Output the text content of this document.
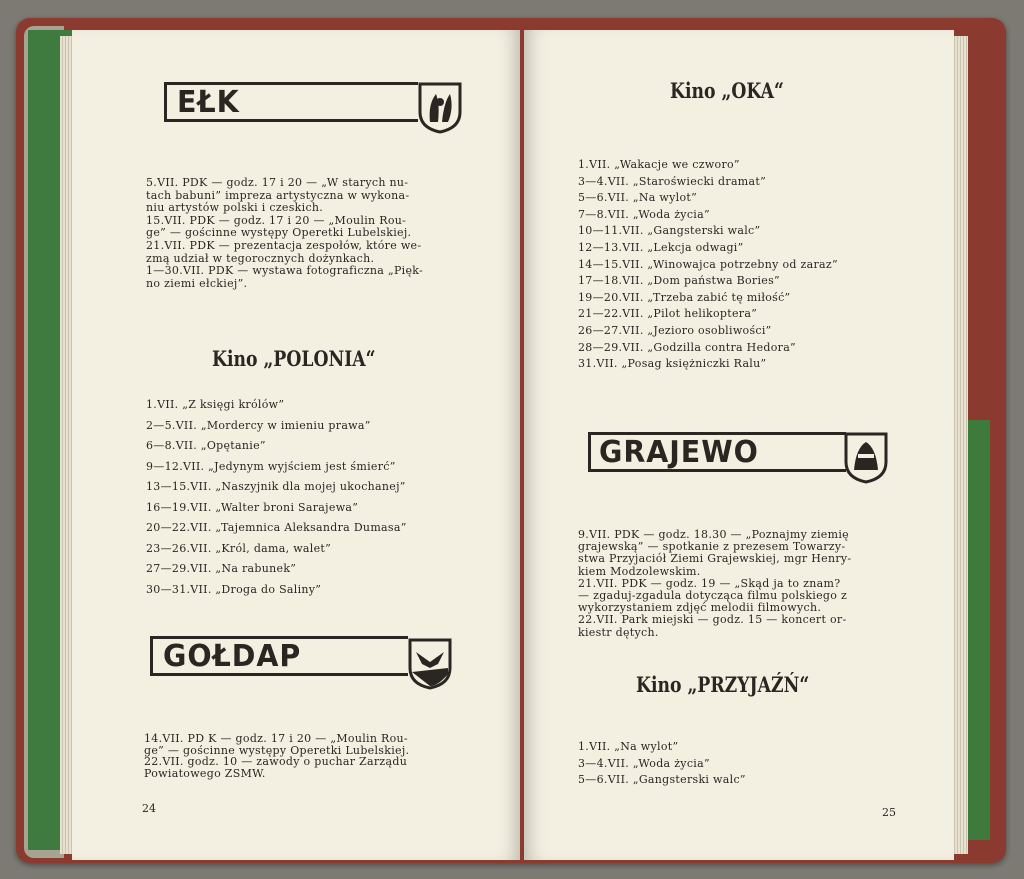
EŁK
5.VII. PDK — godz. 17 i 20 — „W starych nu-
tach babuni” impreza artystyczna w wykona-
niu artystów polski i czeskich.
15.VII. PDK — godz. 17 i 20 — „Moulin Rou-
ge” — gościnne występy Operetki Lubelskiej.
21.VII. PDK — prezentacja zespołów, które we-
zmą udział w tegorocznych dożynkach.
1—30.VII. PDK — wystawa fotograficzna „Pięk-
no ziemi ełckiej”.
Kino „POLONIA“
1.VII. „Z księgi królów”
2—5.VII. „Mordercy w imieniu prawa”
6—8.VII. „Opętanie”
9—12.VII. „Jedynym wyjściem jest śmierć”
13—15.VII. „Naszyjnik dla mojej ukochanej”
16—19.VII. „Walter broni Sarajewa”
20—22.VII. „Tajemnica Aleksandra Dumasa”
23—26.VII. „Król, dama, walet”
27—29.VII. „Na rabunek”
30—31.VII. „Droga do Saliny”
GOŁDAP
14.VII. PD K — godz. 17 i 20 — „Moulin Rou-
ge” — gościnne występy Operetki Lubelskiej.
22.VII. godz. 10 — zawody o puchar Zarządu
Powiatowego ZSMW.
24
Kino „OKA“
1.VII. „Wakacje we czworo”
3—4.VII. „Staroświecki dramat”
5—6.VII. „Na wylot”
7—8.VII. „Woda życia”
10—11.VII. „Gangsterski walc”
12—13.VII. „Lekcja odwagi”
14—15.VII. „Winowajca potrzebny od zaraz”
17—18.VII. „Dom państwa Bories”
19—20.VII. „Trzeba zabić tę miłość”
21—22.VII. „Pilot helikoptera”
26—27.VII. „Jezioro osobliwości”
28—29.VII. „Godzilla contra Hedora”
31.VII. „Posag księżniczki Ralu”
GRAJEWO
9.VII. PDK — godz. 18.30 — „Poznajmy ziemię
grajewską” — spotkanie z prezesem Towarzy-
stwa Przyjaciół Ziemi Grajewskiej, mgr Henry-
kiem Modzolewskim.
21.VII. PDK — godz. 19 — „Skąd ja to znam?
— zgaduj-zgadula dotycząca filmu polskiego z
wykorzystaniem zdjęć melodii filmowych.
22.VII. Park miejski — godz. 15 — koncert or-
kiestr dętych.
Kino „PRZYJAŹŃ“
1.VII. „Na wylot”
3—4.VII. „Woda życia”
5—6.VII. „Gangsterski walc”
25
